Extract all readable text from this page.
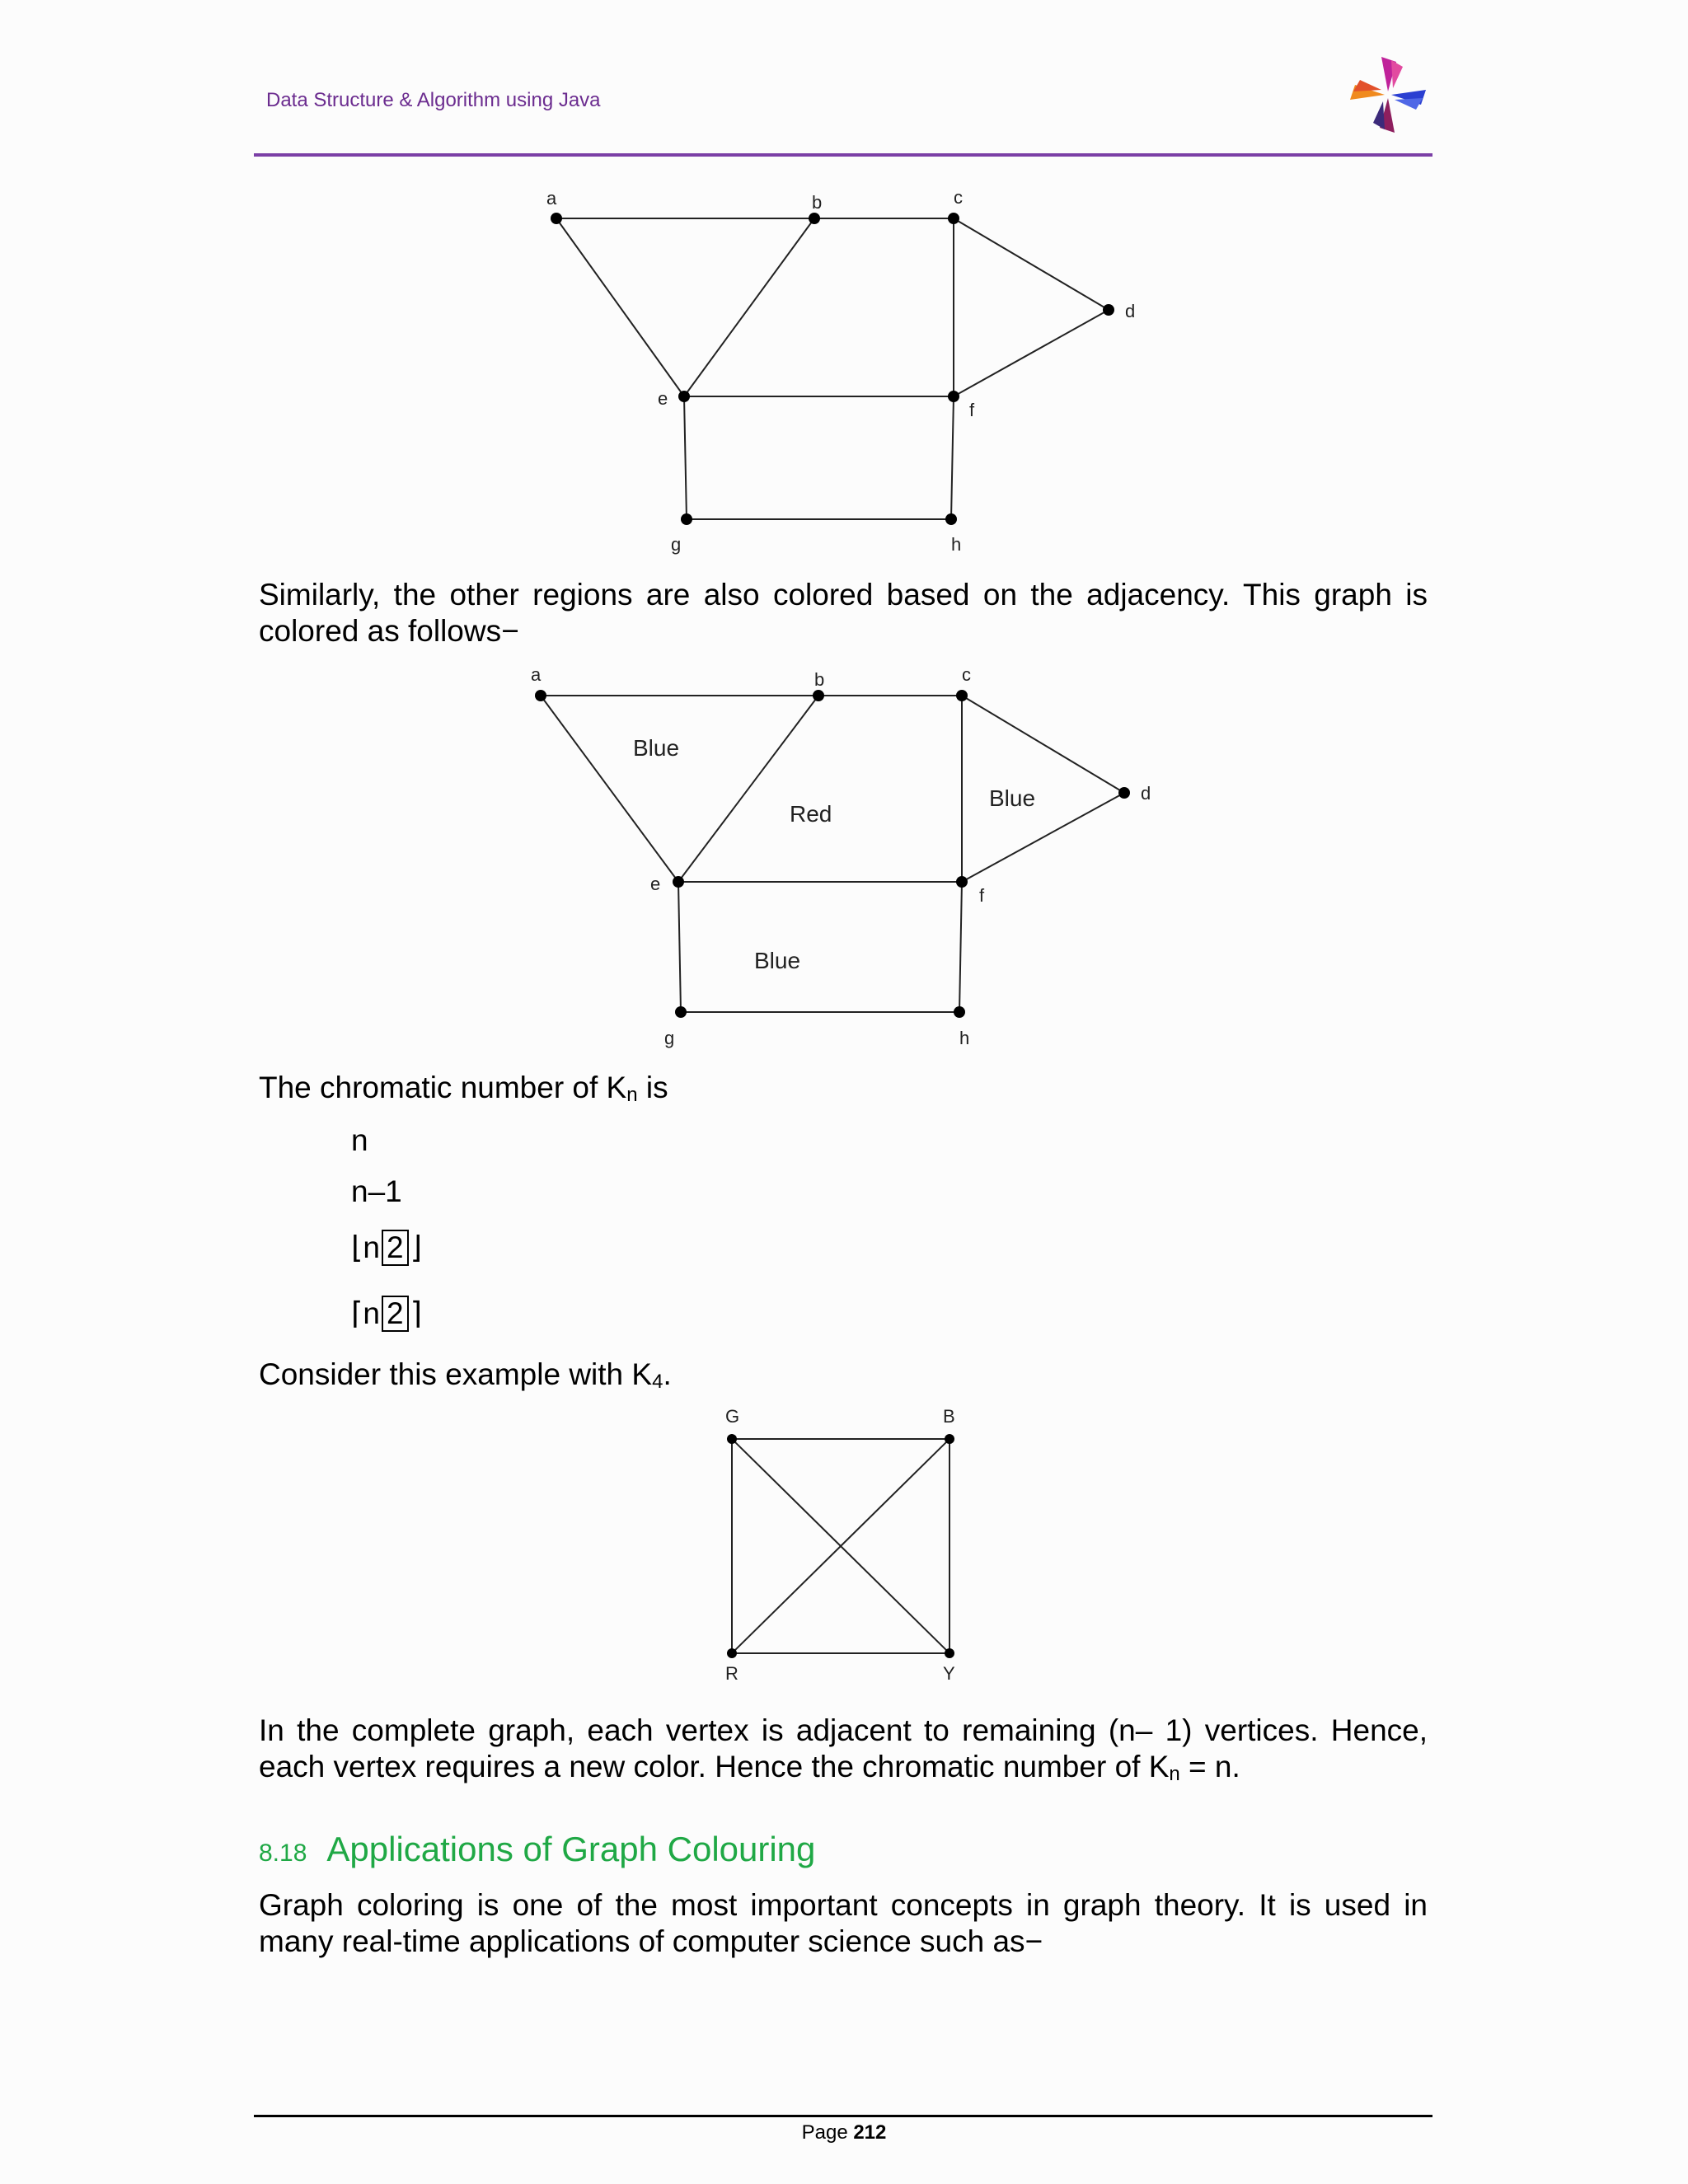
Data Structure & Algorithm using Java
a	b	c
d
e
f
g	h

Similarly, the other regions are also colored based on the adjacency. This graph is colored as follows−

a	b	c
d
e
f
g	h
Blue
Red
Blue
Blue
The chromatic number of $K_n$ is
n
n–1
⌊n 2 ⌋
⌈n 2 ⌉
Consider this example with $K_4$.
G	B
R	Y

In the complete graph, each vertex is adjacent to remaining (n– 1) vertices. Hence, each vertex requires a new color. Hence the chromatic number of $K_n = n$.

8.18 Applications of Graph Colouring

Graph coloring is one of the most important concepts in graph theory. It is used in many real-time applications of computer science such as−

Page 212
